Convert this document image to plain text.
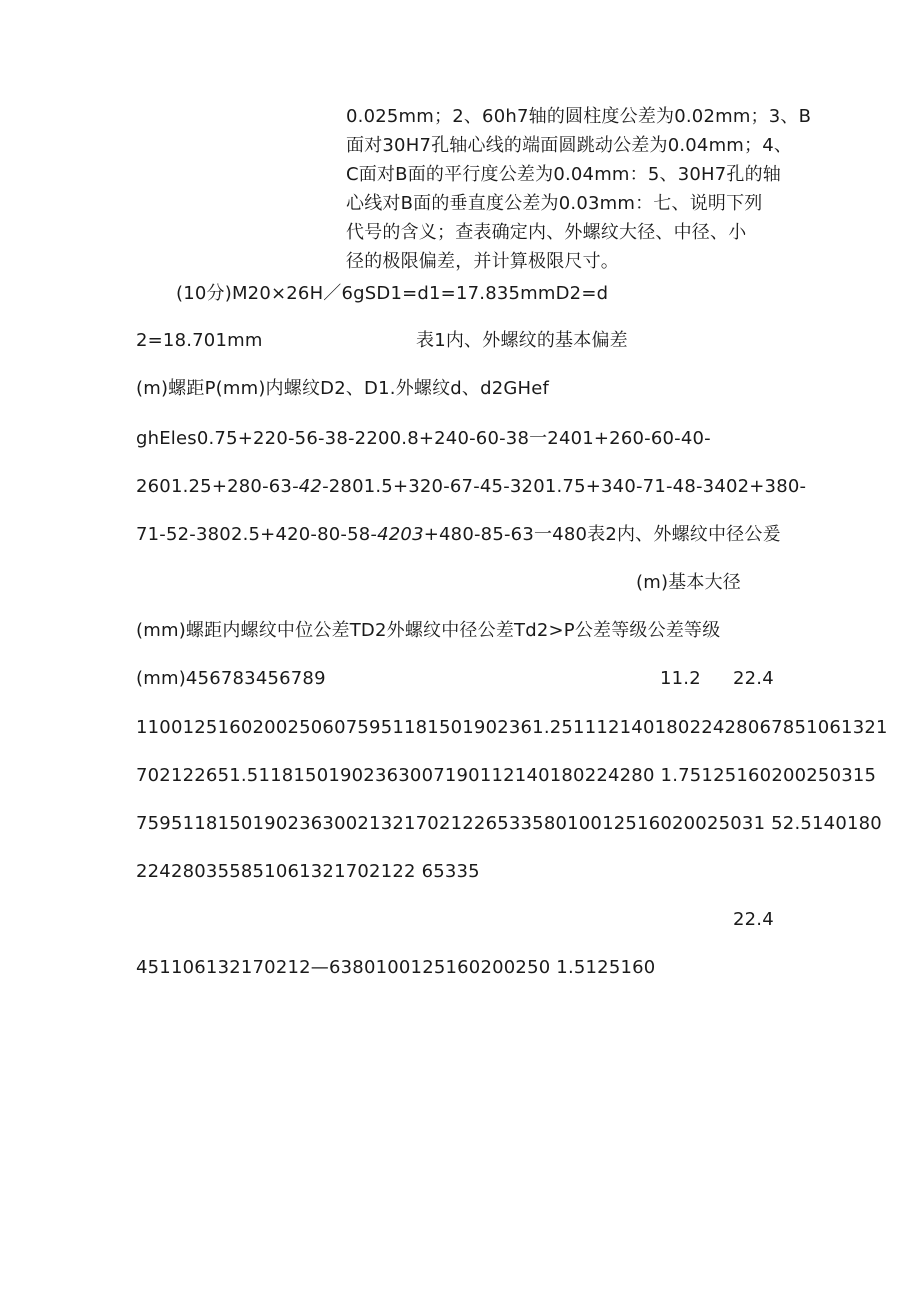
0.025mm；2、60h7轴的圆柱度公差为0.02mm；3、B
面对30H7孔轴心线的端面圆跳动公差为0.04mm；4、
C面对B面的平行度公差为0.04mm：5、30H7孔的轴
心线对B面的垂直度公差为0.03mm：七、说明下列
代号的含义；查表确定内、外螺纹大径、中径、小
径的极限偏差，并计算极限尺寸。
(10分)M20×26H／6gSD1=d1=17.835mmD2=d
2=18.701mm	表1内、外螺纹的基本偏差
(m)螺距P(mm)内螺纹D2、D1.外螺纹d、d2GHef
ghEles0.75+220-56-38-2200.8+240-60-38一2401+260-60-40-
2601.25+280-63-42-2801.5+320-67-45-3201.75+340-71-48-3402+380-
71-52-3802.5+420-80-58-4203+480-85-63一480表2内、外螺纹中径公爰
(m)基本大径
(mm)螺距内螺纹中位公差TD2外螺纹中径公差Td2>P公差等级公差等级
(mm)456783456789	11.2 22.4
11001251602002506075951181501902361.25111214018022428067851061321
702122651.51181501902363007190112140180224280 1.75125160200250315
759511815019023630021321702122653358010012516020025031 52.5140180
224280355851061321702122 65335
22.4
451106132170212—6380100125160200250 1.5125160
